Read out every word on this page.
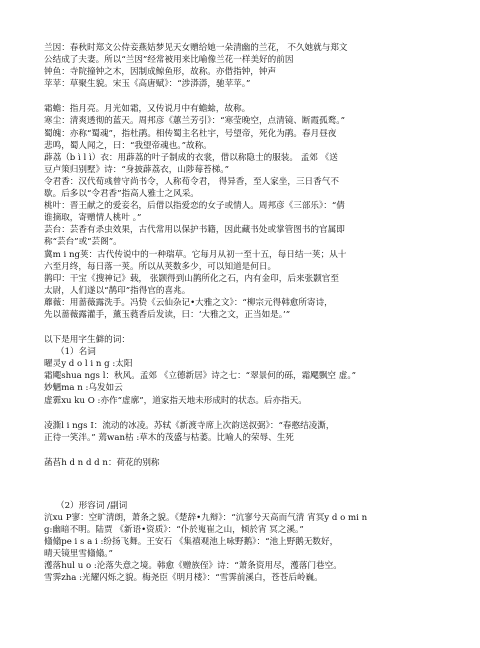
兰因：春秋时郑文公侍妾燕姞梦见天女赠给她一朵清幽的兰花， 不久她就与郑文

公结成了夫妻。所以“兰因”经常被用来比喻像兰花一样美好的前因

钟鱼：寺院撞钟之木，因制成鲸鱼形，故称。亦借指钟，钟声

苹苹：草聚生貌。宋玉《高唐赋》：“涉漭漭，驰苹苹。”

霜蟾：指月亮。月光如霜，又传说月中有蟾蜍，故称。

寒尘：清爽透彻的蓝天。周邦彦《蕙兰芳引》：“寒莹晚空，点清镜、断霞孤鹜。”

蜀魄：亦称“蜀魂”，指杜鹃。相传蜀主名杜宇，号望帝，死化为鹃。春月昼夜

悲鸣，蜀人闻之，曰：“我望帝魂也。”故称。

薜荔（b ì l ì）衣：用薜荔的叶子制成的衣裳，借以称隐士的服装。 孟郊 《送

豆卢策归别墅》诗：“身披薜荔衣，山陟莓苔梯。”

令君香：汉代荀彧曾守尚书令，人称荀令君， 得异香，至人家坐，三日香气不

歇。后多以“令君香”指高人雅士之风采。

桃叶：晋王献之的爱妾名，后借以指爱恋的女子或情人。周邦彦《三部乐》：“倩

谁摘取，寄赠情人桃叶 。”

芸台：芸香有杀虫效果，古代常用以保护书籍，因此藏书处或掌管图书的官属即

称“芸台”或“芸阁”。

冀m i ng荚：古代传说中的一种瑞草。它每月从初一至十五，每日结一荚；从十

六至月终，每日落一荚。所以从荚数多少，可以知道是何日。

鹊印：干宝《搜神记》载， 张颢得到山鹊所化之石，内有金印，后来张颢官至

太尉，人们遂以“鹊印”指得官的喜兆。

蘼薇：用蔷薇露洗手。冯贽《云仙杂记•大雅之文》：“柳宗元得韩愈所寄诗，

先以蔷薇露灌手，薰玉蕤香后发读，曰：‘大雅之文，正当如是。’”

以下是用字生僻的词：

（1）名词

曜灵y d o l i n g :太阳

霜飔shua ngs l：秋风。孟郊 《立德新居》诗之七：“翠景何的砾，霜飔飘空 虚。”

妙魉ma n :乌发如云

虚霩xu ku O :亦作“虚廓”，道家指天地未形成时的状态。后亦指天。

凌澌l i ngs I：流动的冰凌。苏轼《新渡寺席上次韵送叔弼》：“春憨结凌澌，

正待一笑泮。” 蔫wan枯 :草木的茂盛与枯萎。比喻人的荣辱、生死

菡萏h d n d d n：荷花的别称

（2）形容词 /副词

沆xu P寥：空旷清朗，萧条之貌。《楚辞•九辩》：“沆寥兮天高而气清 宵冥y d o mi n

g:幽暗不明。陆贾 《新语•资质》：“仆於嵬崔之山，倾於宵 冥之溪。”

翛翛pe i s a i :纷扬飞舞。王安石 《集禧观池上咏野鹅》：“池上野鹅无数好，

晴天镜里雪翛翛。”

濩落hul u o :沦落失意之境。韩愈《赠族侄》诗：“萧条资用尽，濩落门巷空。

雪霁zha :光耀闪烁之貌。梅尧臣《明月楼》：“雪霁前溪白，苍苍后岭巍。
